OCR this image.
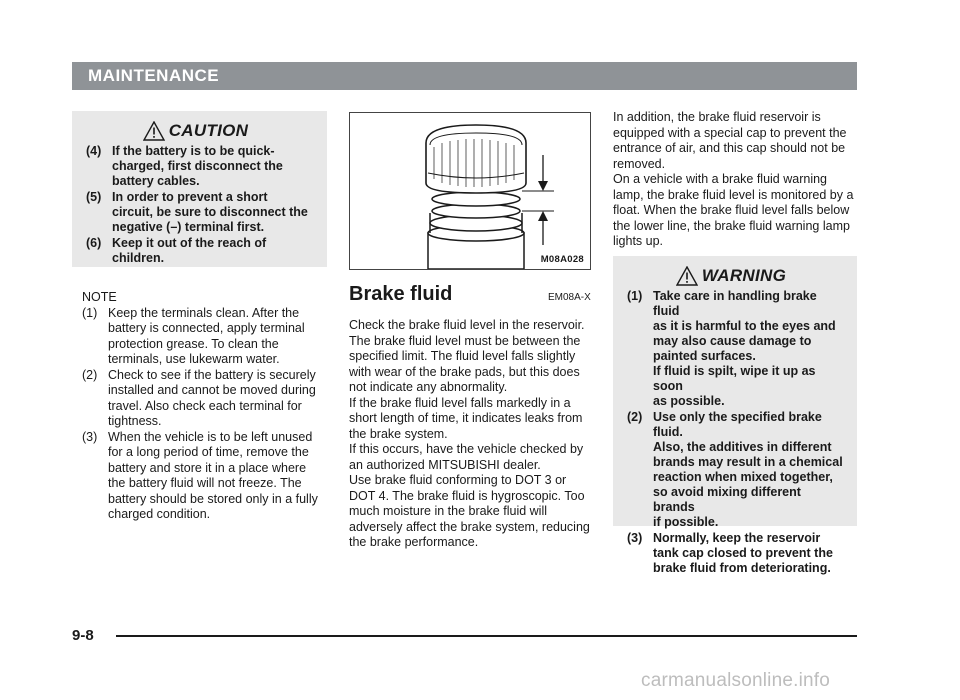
MAINTENANCE
CAUTION
(4) If the battery is to be quick-
charged, first disconnect the
battery cables.
(5) In order to prevent a short
circuit, be sure to disconnect the
negative (–) terminal first.
(6) Keep it out of the reach of
children.
NOTE
(1) Keep the terminals clean. After the battery is connected, apply terminal protection grease. To clean the terminals, use lukewarm water.
(2) Check to see if the battery is securely installed and cannot be moved during travel. Also check each terminal for tightness.
(3) When the vehicle is to be left unused for a long period of time, remove the battery and store it in a place where the battery fluid will not freeze. The battery should be stored only in a fully charged condition.
M08A028
Brake fluid	EM08A-X

Check the brake fluid level in the reservoir. The brake fluid level must be between the specified limit. The fluid level falls slightly with wear of the brake pads, but this does not indicate any abnormality.

If the brake fluid level falls markedly in a short length of time, it indicates leaks from the brake system.

If this occurs, have the vehicle checked by an authorized MITSUBISHI dealer.

Use brake fluid conforming to DOT 3 or DOT 4. The brake fluid is hygroscopic. Too much moisture in the brake fluid will adversely affect the brake system, reducing the brake performance.

In addition, the brake fluid reservoir is equipped with a special cap to prevent the entrance of air, and this cap should not be removed.

On a vehicle with a brake fluid warning lamp, the brake fluid level is monitored by a float. When the brake fluid level falls below the lower line, the brake fluid warning lamp lights up.

WARNING
(1) Take care in handling brake fluid
as it is harmful to the eyes and
may also cause damage to
painted surfaces.
If fluid is spilt, wipe it up as soon
as possible.
(2) Use only the specified brake
fluid.
Also, the additives in different
brands may result in a chemical
reaction when mixed together,
so avoid mixing different brands
if possible.
(3) Normally, keep the reservoir
tank cap closed to prevent the
brake fluid from deteriorating.
9-8
carmanualsonline.info
